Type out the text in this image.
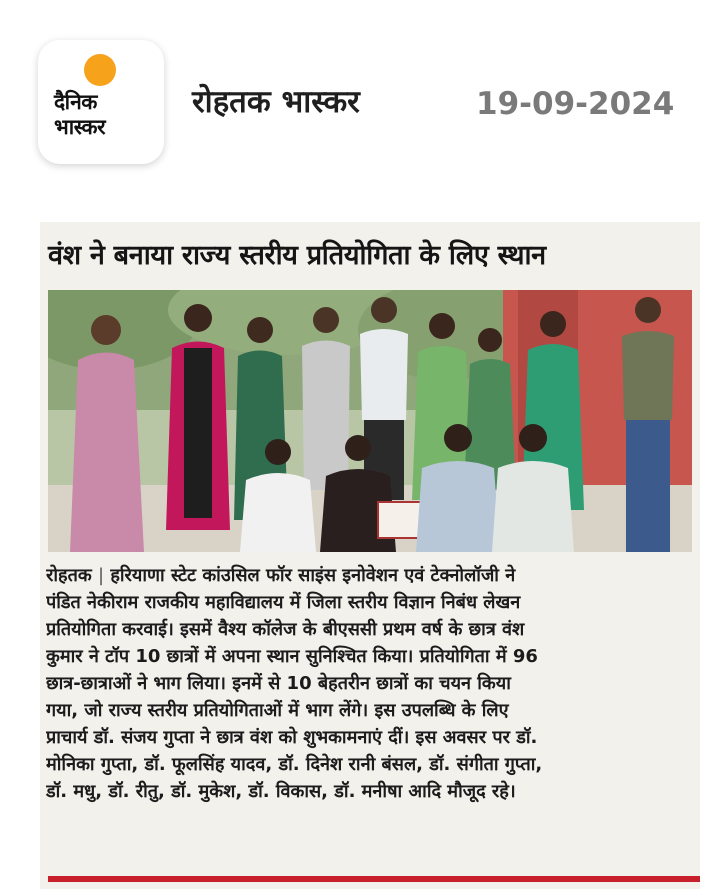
दैनिक
भास्कर
रोहतक भास्कर	19-09-2024
वंश ने बनाया राज्य स्तरीय प्रतियोगिता के लिए स्थान
रोहतक | हरियाणा स्टेट कांउसिल फॉर साइंस इनोवेशन एवं टेक्नोलॉजी ने
पंडित नेकीराम राजकीय महाविद्यालय में जिला स्तरीय विज्ञान निबंध लेखन
प्रतियोगिता करवाई। इसमें वैश्य कॉलेज के बीएससी प्रथम वर्ष के छात्र वंश
कुमार ने टॉप 10 छात्रों में अपना स्थान सुनिश्चित किया। प्रतियोगिता में 96
छात्र-छात्राओं ने भाग लिया। इनमें से 10 बेहतरीन छात्रों का चयन किया
गया, जो राज्य स्तरीय प्रतियोगिताओं में भाग लेंगे। इस उपलब्धि के लिए
प्राचार्य डॉ. संजय गुप्ता ने छात्र वंश को शुभकामनाएं दीं। इस अवसर पर डॉ.
मोनिका गुप्ता, डॉ. फूलसिंह यादव, डॉ. दिनेश रानी बंसल, डॉ. संगीता गुप्ता,
डॉ. मधु, डॉ. रीतु, डॉ. मुकेश, डॉ. विकास, डॉ. मनीषा आदि मौजूद रहे।
